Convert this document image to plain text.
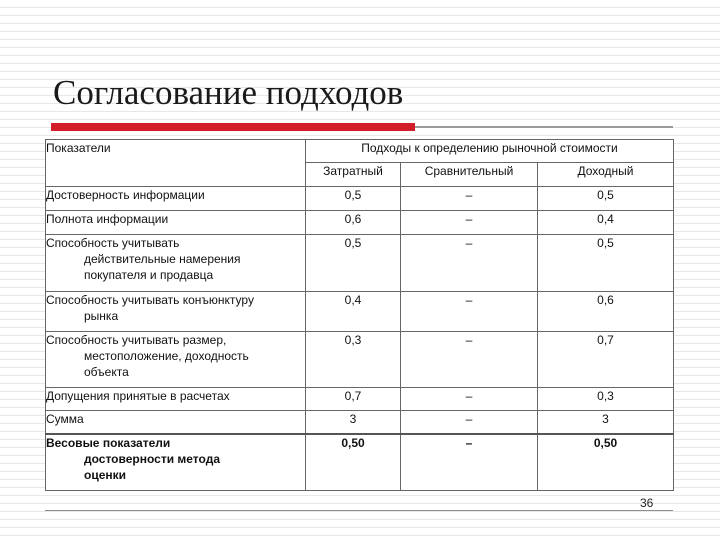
Согласование подходов
Показатели	Подходы к определению рыночной стоимости		
	Затратный	Сравнительный	Доходный

Достоверность информации	0,5	–	0,5

Полнота информации	0,6	–	0,4

Способность учитывать
действительные намерения
покупателя и продавца	0,5	–	0,5

Способность учитывать конъюнктуру
рынка	0,4	–	0,6

Способность учитывать размер,
местоположение, доходность
объекта	0,3	–	0,7

Допущения принятые в расчетах	0,7	–	0,3

Сумма	3	–	3

Весовые показатели
достоверности метода
оценки	0,50	–	0,50
36
